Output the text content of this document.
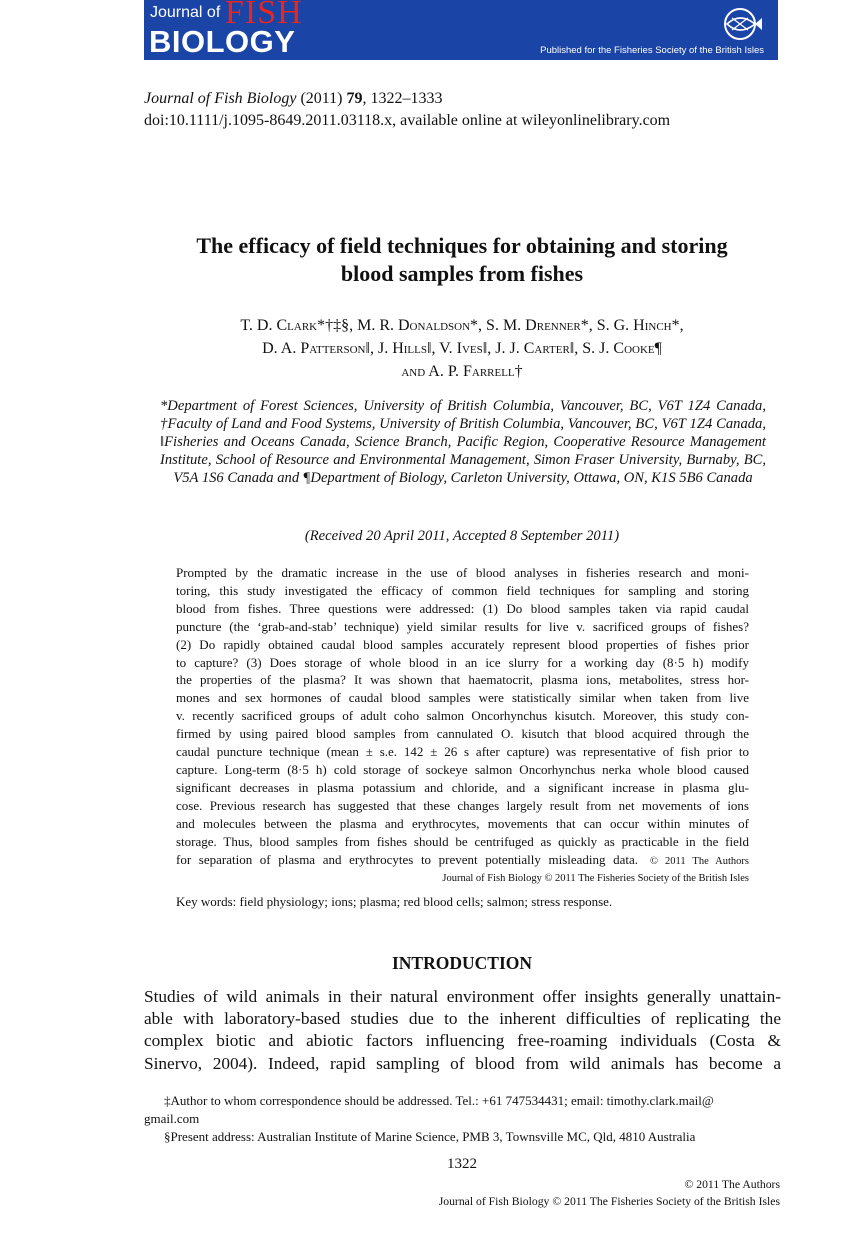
Journal of FISH
BIOLOGY	Published for the Fisheries Society of the British Isles
Journal of Fish Biology (2011) 79, 1322–1333
doi:10.1111/j.1095-8649.2011.03118.x, available online at wileyonlinelibrary.com
The efficacy of field techniques for obtaining and storing
blood samples from fishes
T. D. Clark*†‡§, M. R. Donaldson*, S. M. Drenner*, S. G. Hinch*,
D. A. Patterson‖, J. Hills‖, V. Ives‖, J. J. Carter‖, S. J. Cooke¶
and A. P. Farrell†
*Department of Forest Sciences, University of British Columbia, Vancouver, BC, V6T 1Z4 Canada, †Faculty of Land and Food Systems, University of British Columbia, Vancouver, BC, V6T 1Z4 Canada, ‖Fisheries and Oceans Canada, Science Branch, Pacific Region, Cooperative Resource Management Institute, School of Resource and Environmental Management, Simon Fraser University, Burnaby, BC, V5A 1S6 Canada and ¶Department of Biology, Carleton University, Ottawa, ON, K1S 5B6 Canada
(Received 20 April 2011, Accepted 8 September 2011)
Prompted by the dramatic increase in the use of blood analyses in fisheries research and moni-
toring, this study investigated the efficacy of common field techniques for sampling and storing
blood from fishes. Three questions were addressed: (1) Do blood samples taken via rapid caudal
puncture (the ‘grab-and-stab’ technique) yield similar results for live v. sacrificed groups of fishes?
(2) Do rapidly obtained caudal blood samples accurately represent blood properties of fishes prior
to capture? (3) Does storage of whole blood in an ice slurry for a working day (8·5 h) modify
the properties of the plasma? It was shown that haematocrit, plasma ions, metabolites, stress hor-
mones and sex hormones of caudal blood samples were statistically similar when taken from live
v. recently sacrificed groups of adult coho salmon Oncorhynchus kisutch. Moreover, this study con-
firmed by using paired blood samples from cannulated O. kisutch that blood acquired through the
caudal puncture technique (mean ± s.e. 142 ± 26 s after capture) was representative of fish prior to
capture. Long-term (8·5 h) cold storage of sockeye salmon Oncorhynchus nerka whole blood caused
significant decreases in plasma potassium and chloride, and a significant increase in plasma glu-
cose. Previous research has suggested that these changes largely result from net movements of ions
and molecules between the plasma and erythrocytes, movements that can occur within minutes of
storage. Thus, blood samples from fishes should be centrifuged as quickly as practicable in the field
for separation of plasma and erythrocytes to prevent potentially misleading data. © 2011 The Authors
Journal of Fish Biology © 2011 The Fisheries Society of the British Isles
Key words: field physiology; ions; plasma; red blood cells; salmon; stress response.
INTRODUCTION
Studies of wild animals in their natural environment offer insights generally unattain-
able with laboratory-based studies due to the inherent difficulties of replicating the
complex biotic and abiotic factors influencing free-roaming individuals (Costa &
Sinervo, 2004). Indeed, rapid sampling of blood from wild animals has become a
‡Author to whom correspondence should be addressed. Tel.: +61 747534431; email: timothy.clark.mail@
gmail.com
§Present address: Australian Institute of Marine Science, PMB 3, Townsville MC, Qld, 4810 Australia
1322
© 2011 The Authors
Journal of Fish Biology © 2011 The Fisheries Society of the British Isles
